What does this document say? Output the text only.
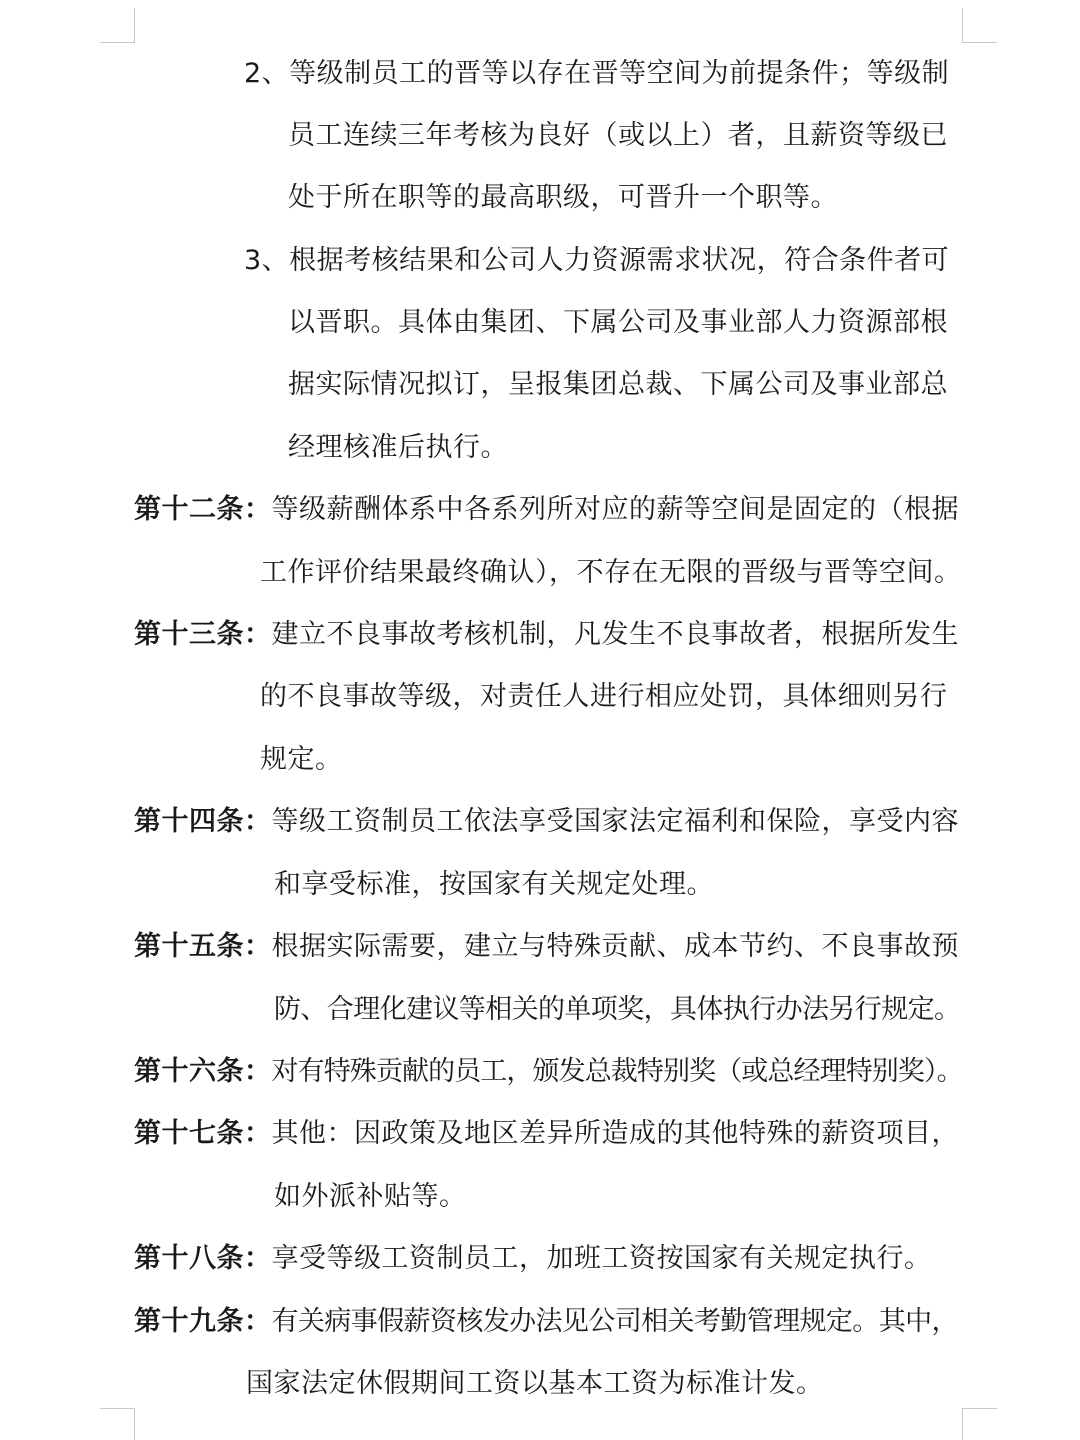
2、等级制员工的晋等以存在晋等空间为前提条件；等级制
员工连续三年考核为良好（或以上）者，且薪资等级已
处于所在职等的最高职级，可晋升一个职等。
3、根据考核结果和公司人力资源需求状况，符合条件者可
以晋职。具体由集团、下属公司及事业部人力资源部根
据实际情况拟订，呈报集团总裁、下属公司及事业部总
经理核准后执行。
第十二条：等级薪酬体系中各系列所对应的薪等空间是固定的（根据
工作评价结果最终确认），不存在无限的晋级与晋等空间。
第十三条：建立不良事故考核机制，凡发生不良事故者，根据所发生
的不良事故等级，对责任人进行相应处罚，具体细则另行
规定。
第十四条：等级工资制员工依法享受国家法定福利和保险，享受内容
和享受标准，按国家有关规定处理。
第十五条：根据实际需要，建立与特殊贡献、成本节约、不良事故预
防、合理化建议等相关的单项奖，具体执行办法另行规定。
第十六条：对有特殊贡献的员工，颁发总裁特别奖（或总经理特别奖）。
第十七条：其他：因政策及地区差异所造成的其他特殊的薪资项目，
如外派补贴等。
第十八条：享受等级工资制员工，加班工资按国家有关规定执行。
第十九条：有关病事假薪资核发办法见公司相关考勤管理规定。其中，
国家法定休假期间工资以基本工资为标准计发。
